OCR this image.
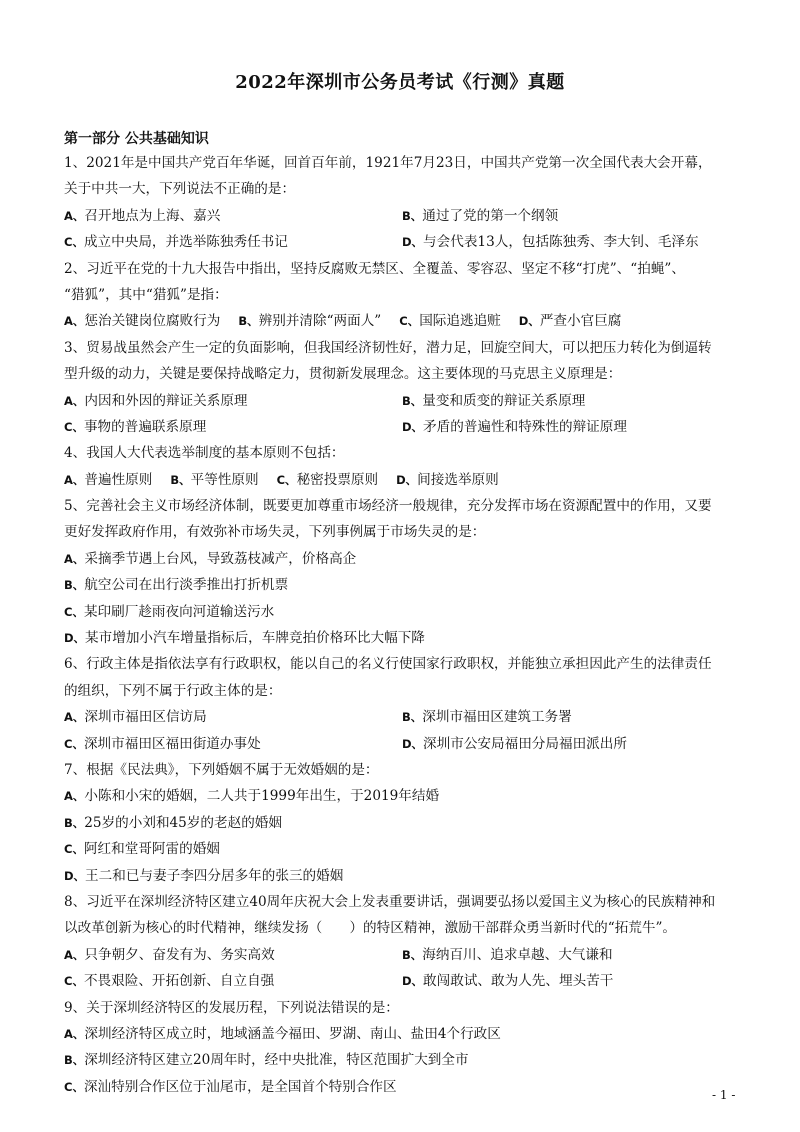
2022年深圳市公务员考试《行测》真题
第一部分 公共基础知识
1、2021年是中国共产党百年华诞，回首百年前，1921年7月23日，中国共产党第一次全国代表大会开幕，
关于中共一大，下列说法不正确的是：
A、召开地点为上海、嘉兴	B、通过了党的第一个纲领
C、成立中央局，并选举陈独秀任书记	D、与会代表13人，包括陈独秀、李大钊、毛泽东
2、习近平在党的十九大报告中指出，坚持反腐败无禁区、全覆盖、零容忍、坚定不移“打虎”、“拍蝇”、
“猎狐”，其中“猎狐”是指：
A、惩治关键岗位腐败行为 B、辨别并清除“两面人” C、国际追逃追赃 D、严查小官巨腐
3、贸易战虽然会产生一定的负面影响，但我国经济韧性好，潜力足，回旋空间大，可以把压力转化为倒逼转
型升级的动力，关键是要保持战略定力，贯彻新发展理念。这主要体现的马克思主义原理是：
A、内因和外因的辩证关系原理	B、量变和质变的辩证关系原理
C、事物的普遍联系原理	D、矛盾的普遍性和特殊性的辩证原理
4、我国人大代表选举制度的基本原则不包括：
A、普遍性原则 B、平等性原则 C、秘密投票原则 D、间接选举原则
5、完善社会主义市场经济体制，既要更加尊重市场经济一般规律，充分发挥市场在资源配置中的作用，又要
更好发挥政府作用，有效弥补市场失灵，下列事例属于市场失灵的是：
A、采摘季节遇上台风，导致荔枝减产，价格高企
B、航空公司在出行淡季推出打折机票
C、某印刷厂趁雨夜向河道输送污水
D、某市增加小汽车增量指标后，车牌竞拍价格环比大幅下降
6、行政主体是指依法享有行政职权，能以自己的名义行使国家行政职权，并能独立承担因此产生的法律责任
的组织，下列不属于行政主体的是：
A、深圳市福田区信访局	B、深圳市福田区建筑工务署
C、深圳市福田区福田街道办事处	D、深圳市公安局福田分局福田派出所
7、根据《民法典》，下列婚姻不属于无效婚姻的是：
A、小陈和小宋的婚姻，二人共于1999年出生，于2019年结婚
B、25岁的小刘和45岁的老赵的婚姻
C、阿红和堂哥阿雷的婚姻
D、王二和已与妻子李四分居多年的张三的婚姻
8、习近平在深圳经济特区建立40周年庆祝大会上发表重要讲话，强调要弘扬以爱国主义为核心的民族精神和
以改革创新为核心的时代精神，继续发扬（　　）的特区精神，激励干部群众勇当新时代的“拓荒牛”。
A、只争朝夕、奋发有为、务实高效	B、海纳百川、追求卓越、大气谦和
C、不畏艰险、开拓创新、自立自强	D、敢闯敢试、敢为人先、埋头苦干
9、关于深圳经济特区的发展历程，下列说法错误的是：
A、深圳经济特区成立时，地域涵盖今福田、罗湖、南山、盐田4个行政区
B、深圳经济特区建立20周年时，经中央批准，特区范围扩大到全市
C、深汕特别合作区位于汕尾市，是全国首个特别合作区
- 1 -
